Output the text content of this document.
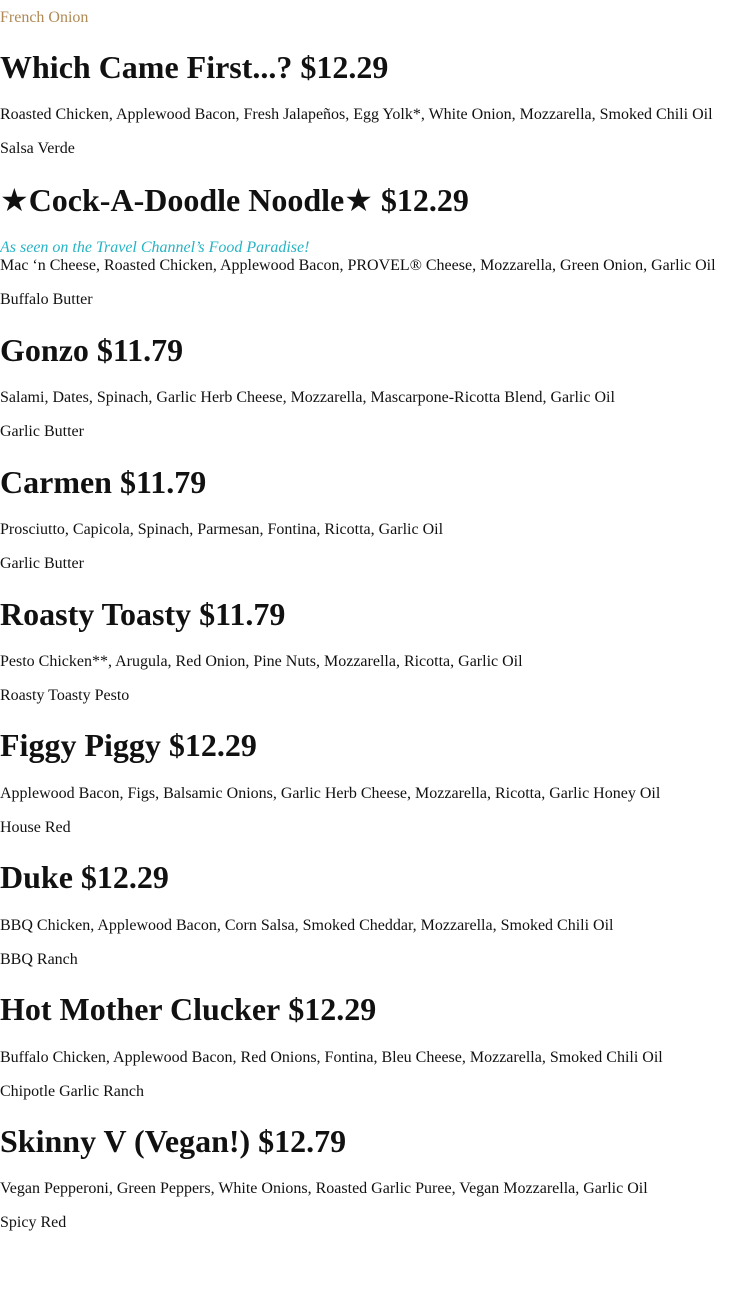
French Onion
Which Came First...? $12.29
Roasted Chicken, Applewood Bacon, Fresh Jalapeños, Egg Yolk*, White Onion, Mozzarella, Smoked Chili Oil
Salsa Verde
★Cock-A-Doodle Noodle★ $12.29
As seen on the Travel Channel’s Food Paradise!
Mac ‘n Cheese, Roasted Chicken, Applewood Bacon, PROVEL® Cheese, Mozzarella, Green Onion, Garlic Oil
Buffalo Butter
Gonzo $11.79
Salami, Dates, Spinach, Garlic Herb Cheese, Mozzarella, Mascarpone-Ricotta Blend, Garlic Oil
Garlic Butter
Carmen $11.79
Prosciutto, Capicola, Spinach, Parmesan, Fontina, Ricotta, Garlic Oil
Garlic Butter
Roasty Toasty $11.79
Pesto Chicken**, Arugula, Red Onion, Pine Nuts, Mozzarella, Ricotta, Garlic Oil
Roasty Toasty Pesto
Figgy Piggy $12.29
Applewood Bacon, Figs, Balsamic Onions, Garlic Herb Cheese, Mozzarella, Ricotta, Garlic Honey Oil
House Red
Duke $12.29
BBQ Chicken, Applewood Bacon, Corn Salsa, Smoked Cheddar, Mozzarella, Smoked Chili Oil
BBQ Ranch
Hot Mother Clucker $12.29
Buffalo Chicken, Applewood Bacon, Red Onions, Fontina, Bleu Cheese, Mozzarella, Smoked Chili Oil
Chipotle Garlic Ranch
Skinny V (Vegan!) $12.79
Vegan Pepperoni, Green Peppers, White Onions, Roasted Garlic Puree, Vegan Mozzarella, Garlic Oil
Spicy Red
